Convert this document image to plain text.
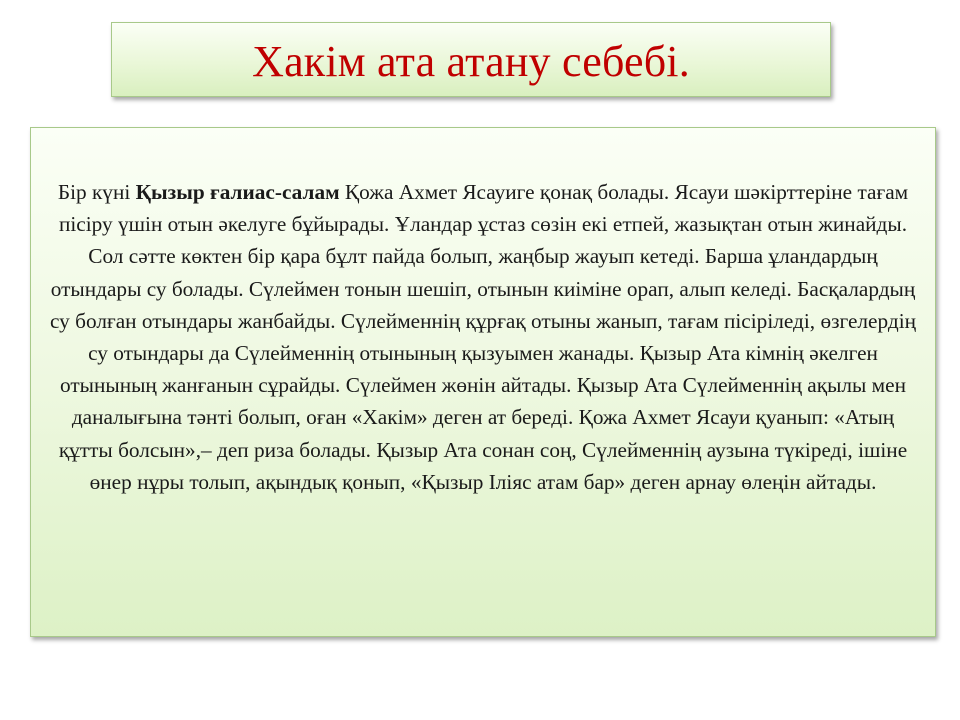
Хакім ата атану себебі.

Бір күні Қызыр ғалиас-салам Қожа Ахмет Ясауиге қонақ болады. Ясауи шәкірттеріне тағам пісіру үшін отын әкелуге бұйырады. Ұландар ұстаз сөзін екі етпей, жазықтан отын жинайды. Сол сәтте көктен бір қара бұлт пайда болып, жаңбыр жауып кетеді. Барша ұландардың отындары су болады. Сүлеймен тонын шешіп, отынын киіміне орап, алып келеді. Басқалардың су болған отындары жанбайды. Сүлейменнің құрғақ отыны жанып, тағам пісіріледі, өзгелердің су отындары да Сүлейменнің отынының қызуымен жанады. Қызыр Ата кімнің әкелген отынының жанғанын сұрайды. Сүлеймен жөнін айтады. Қызыр Ата Сүлейменнің ақылы мен даналығына тәнті болып, оған «Хакім» деген ат береді. Қожа Ахмет Ясауи қуанып: «Атың құтты болсын»,– деп риза болады. Қызыр Ата сонан соң, Сүлейменнің аузына түкіреді, ішіне өнер нұры толып, ақындық қонып, «Қызыр Іліяс атам бар» деген арнау өлеңін айтады.
